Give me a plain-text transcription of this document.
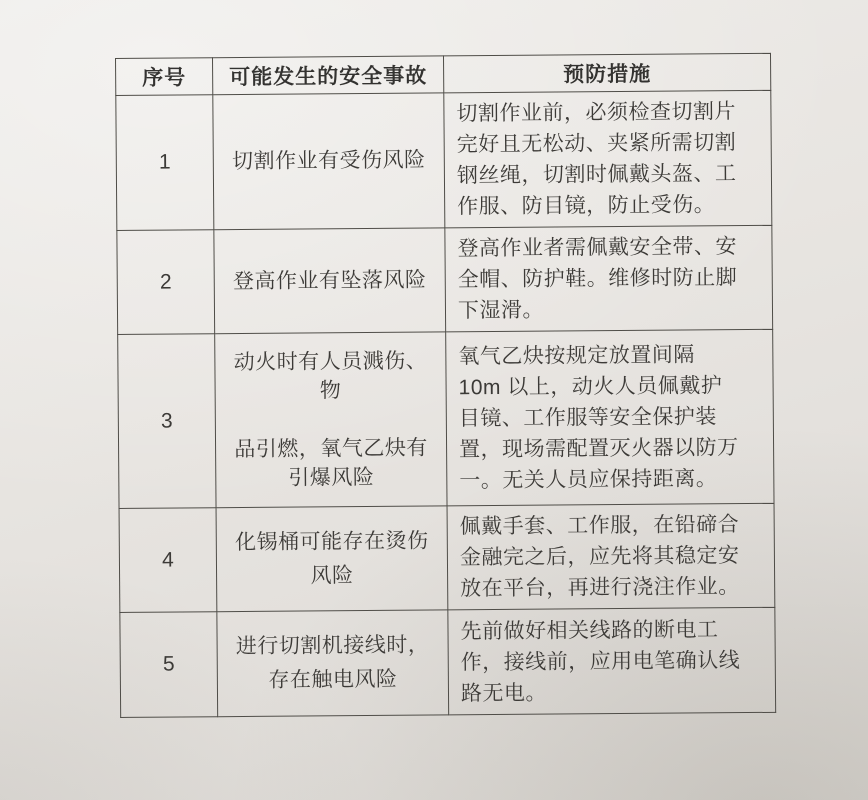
序号	可能发生的安全事故	预防措施
1	切割作业有受伤风险	切割作业前，必须检查切割片
完好且无松动、夹紧所需切割
钢丝绳，切割时佩戴头盔、工
作服、防目镜，防止受伤。
2	登高作业有坠落风险	登高作业者需佩戴安全带、安
全帽、防护鞋。维修时防止脚
下湿滑。
3	动火时有人员溅伤、
物

品引燃，氧气乙炔有
引爆风险	氧气乙炔按规定放置间隔
10m 以上，动火人员佩戴护
目镜、工作服等安全保护装
置，现场需配置灭火器以防万
一。无关人员应保持距离。
4	化锡桶可能存在烫伤
风险	佩戴手套、工作服，在铅碲合
金融完之后，应先将其稳定安
放在平台，再进行浇注作业。
5	进行切割机接线时，
存在触电风险	先前做好相关线路的断电工
作，接线前，应用电笔确认线
路无电。
